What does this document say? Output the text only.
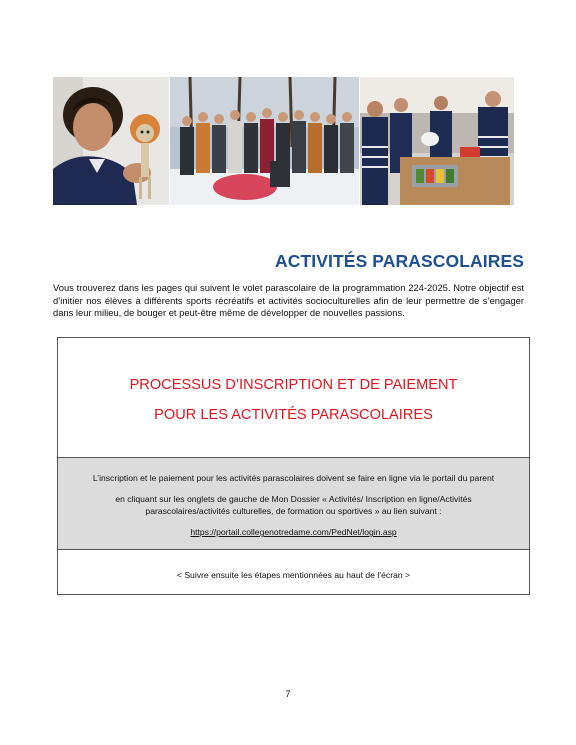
ACTIVITÉS PARASCOLAIRES

Vous trouverez dans les pages qui suivent le volet parascolaire de la programmation 224-2025. Notre objectif est d’initier nos élèves à différents sports récréatifs et activités socioculturelles afin de leur permettre de s’engager dans leur milieu, de bouger et peut-être même de développer de nouvelles passions.

PROCESSUS D’INSCRIPTION ET DE PAIEMENT
POUR LES ACTIVITÉS PARASCOLAIRES

L’inscription et le paiement pour les activités parascolaires doivent se faire en ligne via le portail du parent

en cliquant sur les onglets de gauche de Mon Dossier « Activités/ Inscription en ligne/Activités parascolaires/activités culturelles, de formation ou sportives » au lien suivant :

https://portail.collegenotredame.com/PedNet/login.asp

< Suivre ensuite les étapes mentionnées au haut de l’écran >
7
